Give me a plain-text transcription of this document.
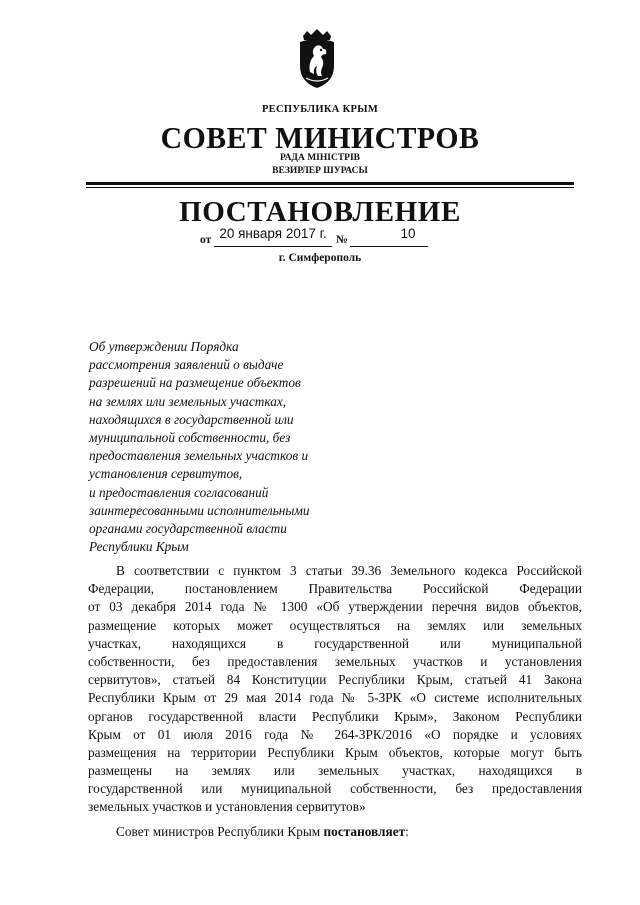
РЕСПУБЛИКА КРЫМ
СОВЕТ МИНИСТРОВ
РАДА МІНІСТРІВ
ВЕЗИРЛЕР ШУРАСЫ
ПОСТАНОВЛЕНИЕ
от 20 января 2017 г. №	10
г. Симферополь
Об утверждении Порядка
рассмотрения заявлений о выдаче
разрешений на размещение объектов
на землях или земельных участках,
находящихся в государственной или
муниципальной собственности, без
предоставления земельных участков и
установления сервитутов,
и предоставления согласований
заинтересованными исполнительными
органами государственной власти
Республики Крым
В соответствии с пунктом 3 статьи 39.36 Земельного кодекса Российской
Федерации, постановлением Правительства Российской Федерации
от 03 декабря 2014 года № 1300 «Об утверждении перечня видов объектов,
размещение которых может осуществляться на землях или земельных
участках, находящихся в государственной или муниципальной
собственности, без предоставления земельных участков и установления
сервитутов», статьей 84 Конституции Республики Крым, статьей 41 Закона
Республики Крым от 29 мая 2014 года № 5-ЗРК «О системе исполнительных
органов государственной власти Республики Крым», Законом Республики
Крым от 01 июля 2016 года № 264-ЗРК/2016 «О порядке и условиях
размещения на территории Республики Крым объектов, которые могут быть
размещены на землях или земельных участках, находящихся в
государственной или муниципальной собственности, без предоставления
земельных участков и установления сервитутов»
Совет министров Республики Крым постановляет:
